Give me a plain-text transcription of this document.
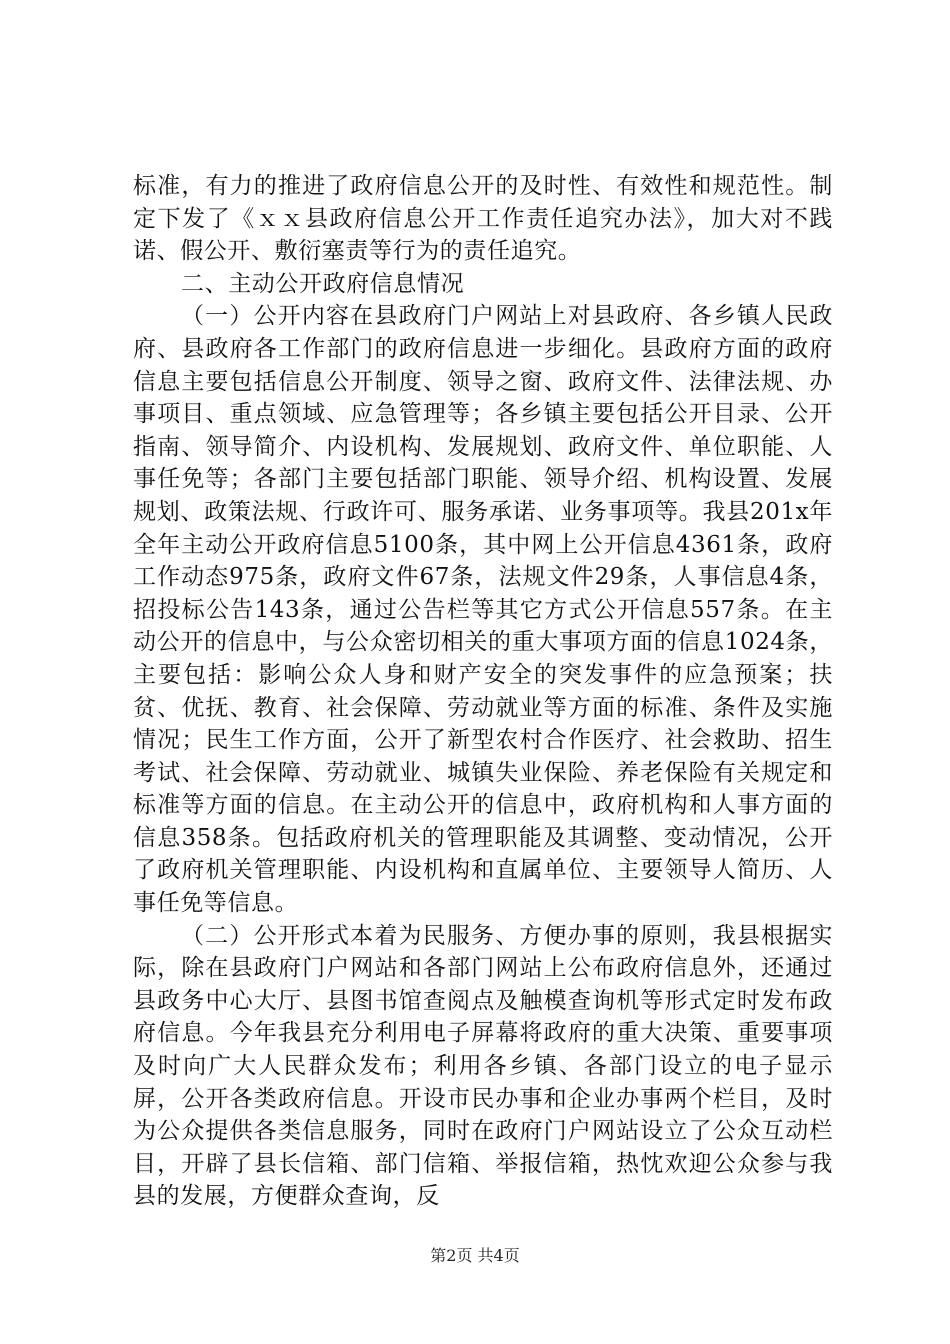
标准，有力的推进了政府信息公开的及时性、有效性和规范性。制定下发了《ｘｘ县政府信息公开工作责任追究办法》，加大对不践诺、假公开、敷衍塞责等行为的责任追究。

二、主动公开政府信息情况

（一）公开内容在县政府门户网站上对县政府、各乡镇人民政府、县政府各工作部门的政府信息进一步细化。县政府方面的政府信息主要包括信息公开制度、领导之窗、政府文件、法律法规、办事项目、重点领域、应急管理等；各乡镇主要包括公开目录、公开指南、领导简介、内设机构、发展规划、政府文件、单位职能、人事任免等；各部门主要包括部门职能、领导介绍、机构设置、发展规划、政策法规、行政许可、服务承诺、业务事项等。我县201x年全年主动公开政府信息5100条，其中网上公开信息4361条，政府工作动态975条，政府文件67条，法规文件29条，人事信息4条，招投标公告143条，通过公告栏等其它方式公开信息557条。在主动公开的信息中，与公众密切相关的重大事项方面的信息1024条，主要包括：影响公众人身和财产安全的突发事件的应急预案；扶贫、优抚、教育、社会保障、劳动就业等方面的标准、条件及实施情况；民生工作方面，公开了新型农村合作医疗、社会救助、招生考试、社会保障、劳动就业、城镇失业保险、养老保险有关规定和标准等方面的信息。在主动公开的信息中，政府机构和人事方面的信息358条。包括政府机关的管理职能及其调整、变动情况，公开了政府机关管理职能、内设机构和直属单位、主要领导人简历、人事任免等信息。

（二）公开形式本着为民服务、方便办事的原则，我县根据实际，除在县政府门户网站和各部门网站上公布政府信息外，还通过县政务中心大厅、县图书馆查阅点及触模查询机等形式定时发布政府信息。今年我县充分利用电子屏幕将政府的重大决策、重要事项及时向广大人民群众发布；利用各乡镇、各部门设立的电子显示屏，公开各类政府信息。开设市民办事和企业办事两个栏目，及时为公众提供各类信息服务，同时在政府门户网站设立了公众互动栏目，开辟了县长信箱、部门信箱、举报信箱，热忱欢迎公众参与我县的发展，方便群众查询，反

第2页 共4页
